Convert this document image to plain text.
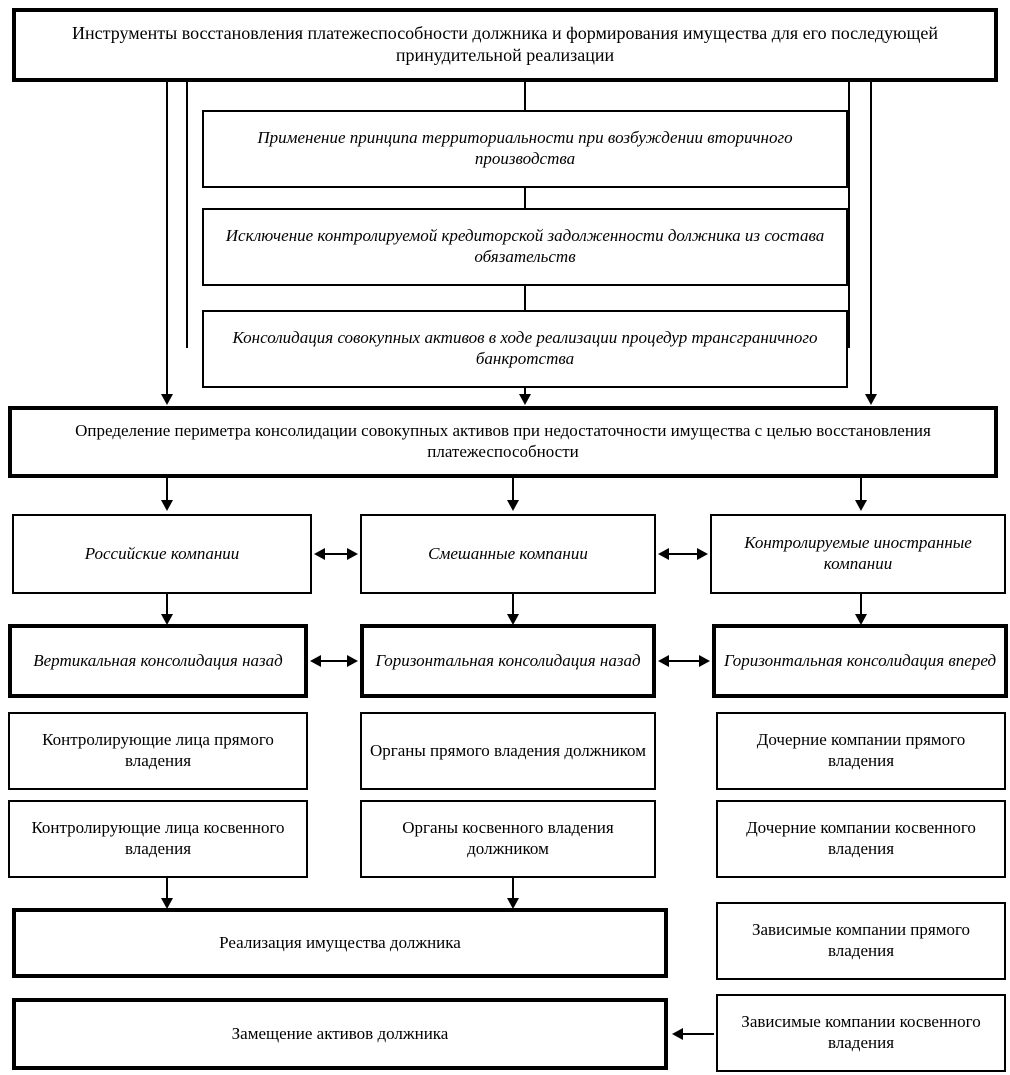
Инструменты восстановления платежеспособности должника и формирования имущества для его последующей принудительной реализации
Применение принципа территориальности при возбуждении вторичного производства
Исключение контролируемой кредиторской задолженности должника из состава обязательств
Консолидация совокупных активов в ходе реализации процедур трансграничного банкротства
Определение периметра консолидации совокупных активов при недостаточности имущества с целью восстановления платежеспособности
Российские компании	Смешанные компании
Контролируемые иностранные компании
Вертикальная консолидация назад	Горизонтальная консолидация назад	Горизонтальная консолидация вперед
Контролирующие лица прямого владения
Контролирующие лица косвенного владения
Органы прямого владения должником
Органы косвенного владения должником
Дочерние компании прямого владения
Дочерние компании косвенного владения
Зависимые компании прямого владения
Зависимые компании косвенного владения
Реализация имущества должника
Замещение активов должника
